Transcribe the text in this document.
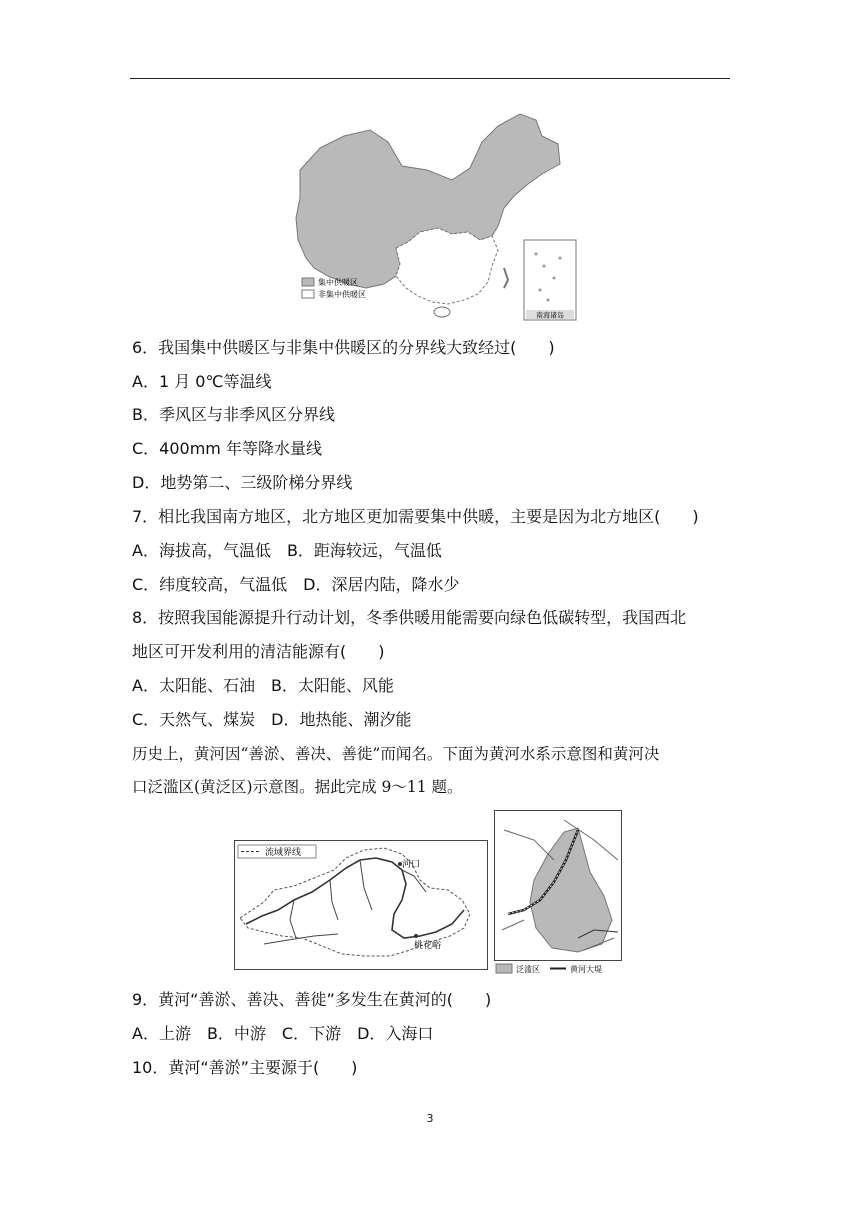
南海诸岛
集中供暖区
非集中供暖区
6．我国集中供暖区与非集中供暖区的分界线大致经过(　　)
A．1 月 0℃等温线
B．季风区与非季风区分界线
C．400mm 年等降水量线
D．地势第二、三级阶梯分界线
7．相比我国南方地区，北方地区更加需要集中供暖，主要是因为北方地区(　　)
A．海拔高，气温低　B．距海较远，气温低
C．纬度较高，气温低　D．深居内陆，降水少
8．按照我国能源提升行动计划，冬季供暖用能需要向绿色低碳转型，我国西北
地区可开发利用的清洁能源有(　　)
A．太阳能、石油　B．太阳能、风能
C．天然气、煤炭　D．地热能、潮汐能
历史上，黄河因“善淤、善决、善徙”而闻名。下面为黄河水系示意图和黄河决
口泛滥区(黄泛区)示意图。据此完成 9～11 题。
流域界线
河口
桃花峪
泛滥区	黄河大堤
9．黄河“善淤、善决、善徙”多发生在黄河的(　　)
A．上游　B．中游　C．下游　D．入海口
10．黄河“善淤”主要源于(　　)
3
